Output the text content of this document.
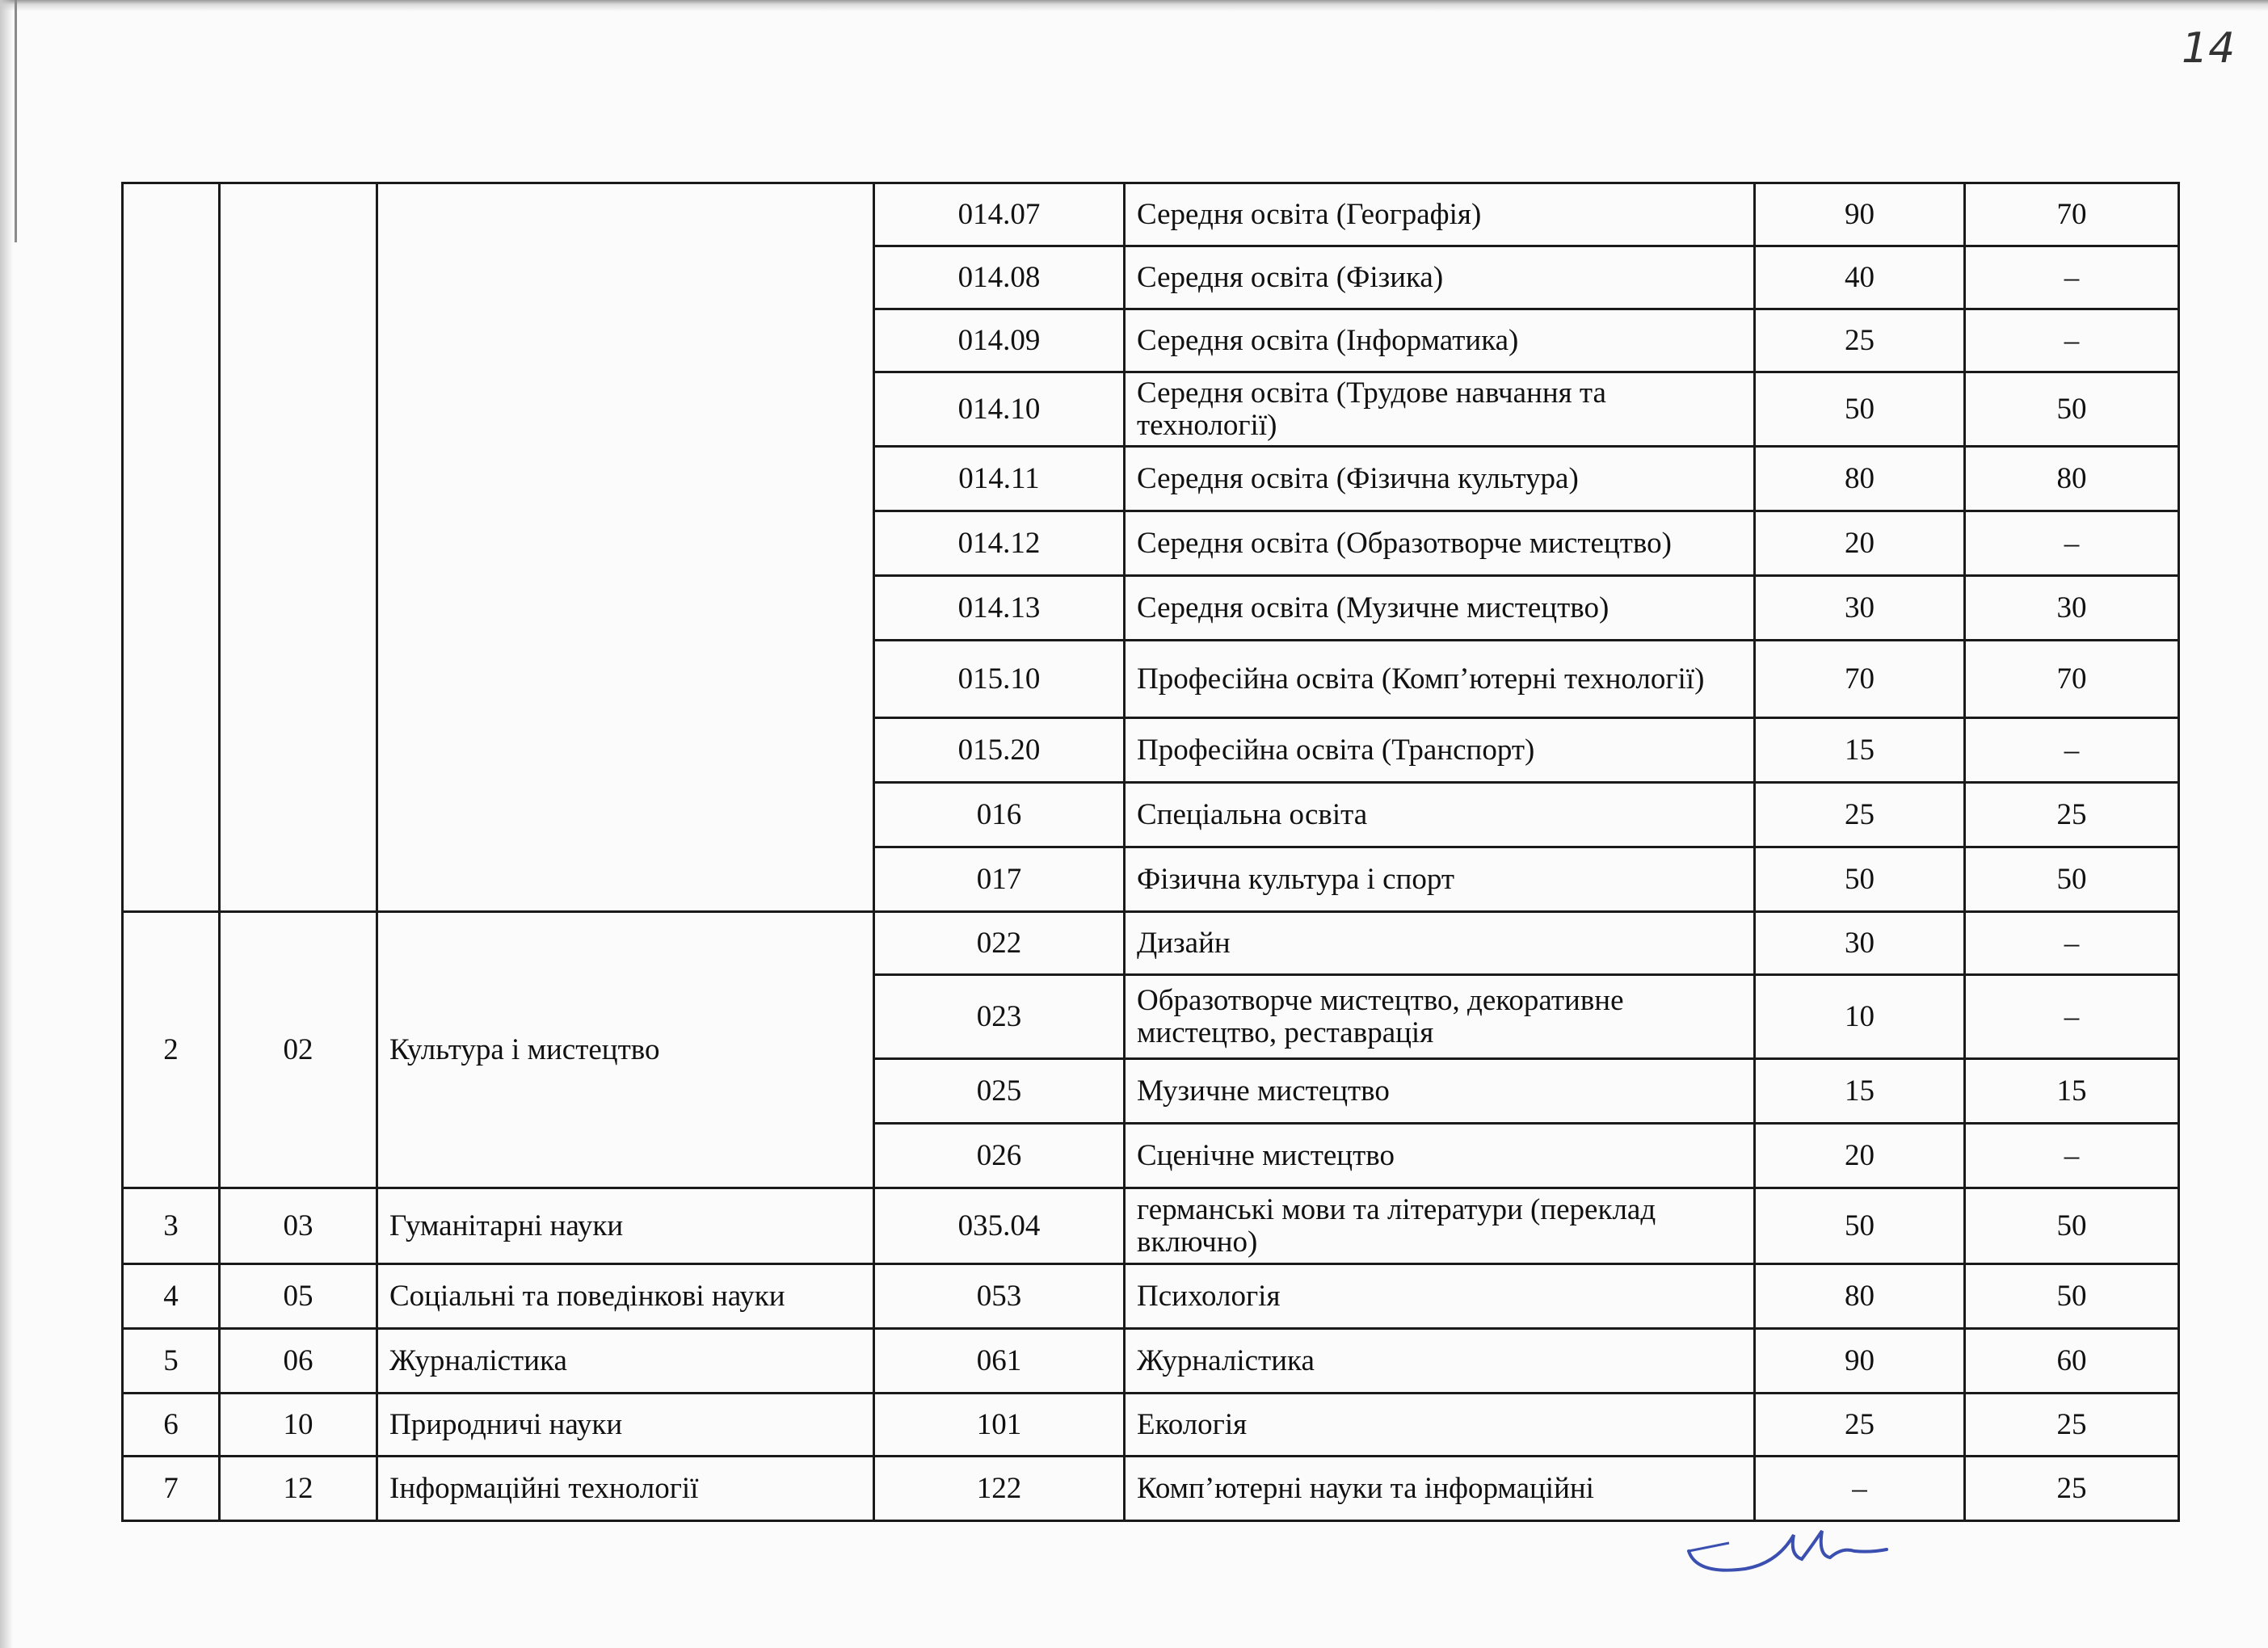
14
			014.07	Середня освіта (Географія)	90	70
			014.08	Середня освіта (Фізика)	40	–
			014.09	Середня освіта (Інформатика)	25	–
			014.10	Середня освіта (Трудове навчання та технології)	50	50
			014.11	Середня освіта (Фізична культура)	80	80
			014.12	Середня освіта (Образотворче мистецтво)	20	–
			014.13	Середня освіта (Музичне мистецтво)	30	30
			015.10	Професійна освіта (Комп’ютерні технології)	70	70
			015.20	Професійна освіта (Транспорт)	15	–
			016	Спеціальна освіта	25	25
			017	Фізична культура і спорт	50	50
2	02	Культура і мистецтво	022	Дизайн	30	–
			023	Образотворче мистецтво, декоративне мистецтво, реставрація	10	–
			025	Музичне мистецтво	15	15
			026	Сценічне мистецтво	20	–
3	03	Гуманітарні науки	035.04	германські мови та літератури (переклад включно)	50	50
4	05	Соціальні та поведінкові науки	053	Психологія	80	50
5	06	Журналістика	061	Журналістика	90	60
6	10	Природничі науки	101	Екологія	25	25
7	12	Інформаційні технології	122	Комп’ютерні науки та інформаційні	–	25
